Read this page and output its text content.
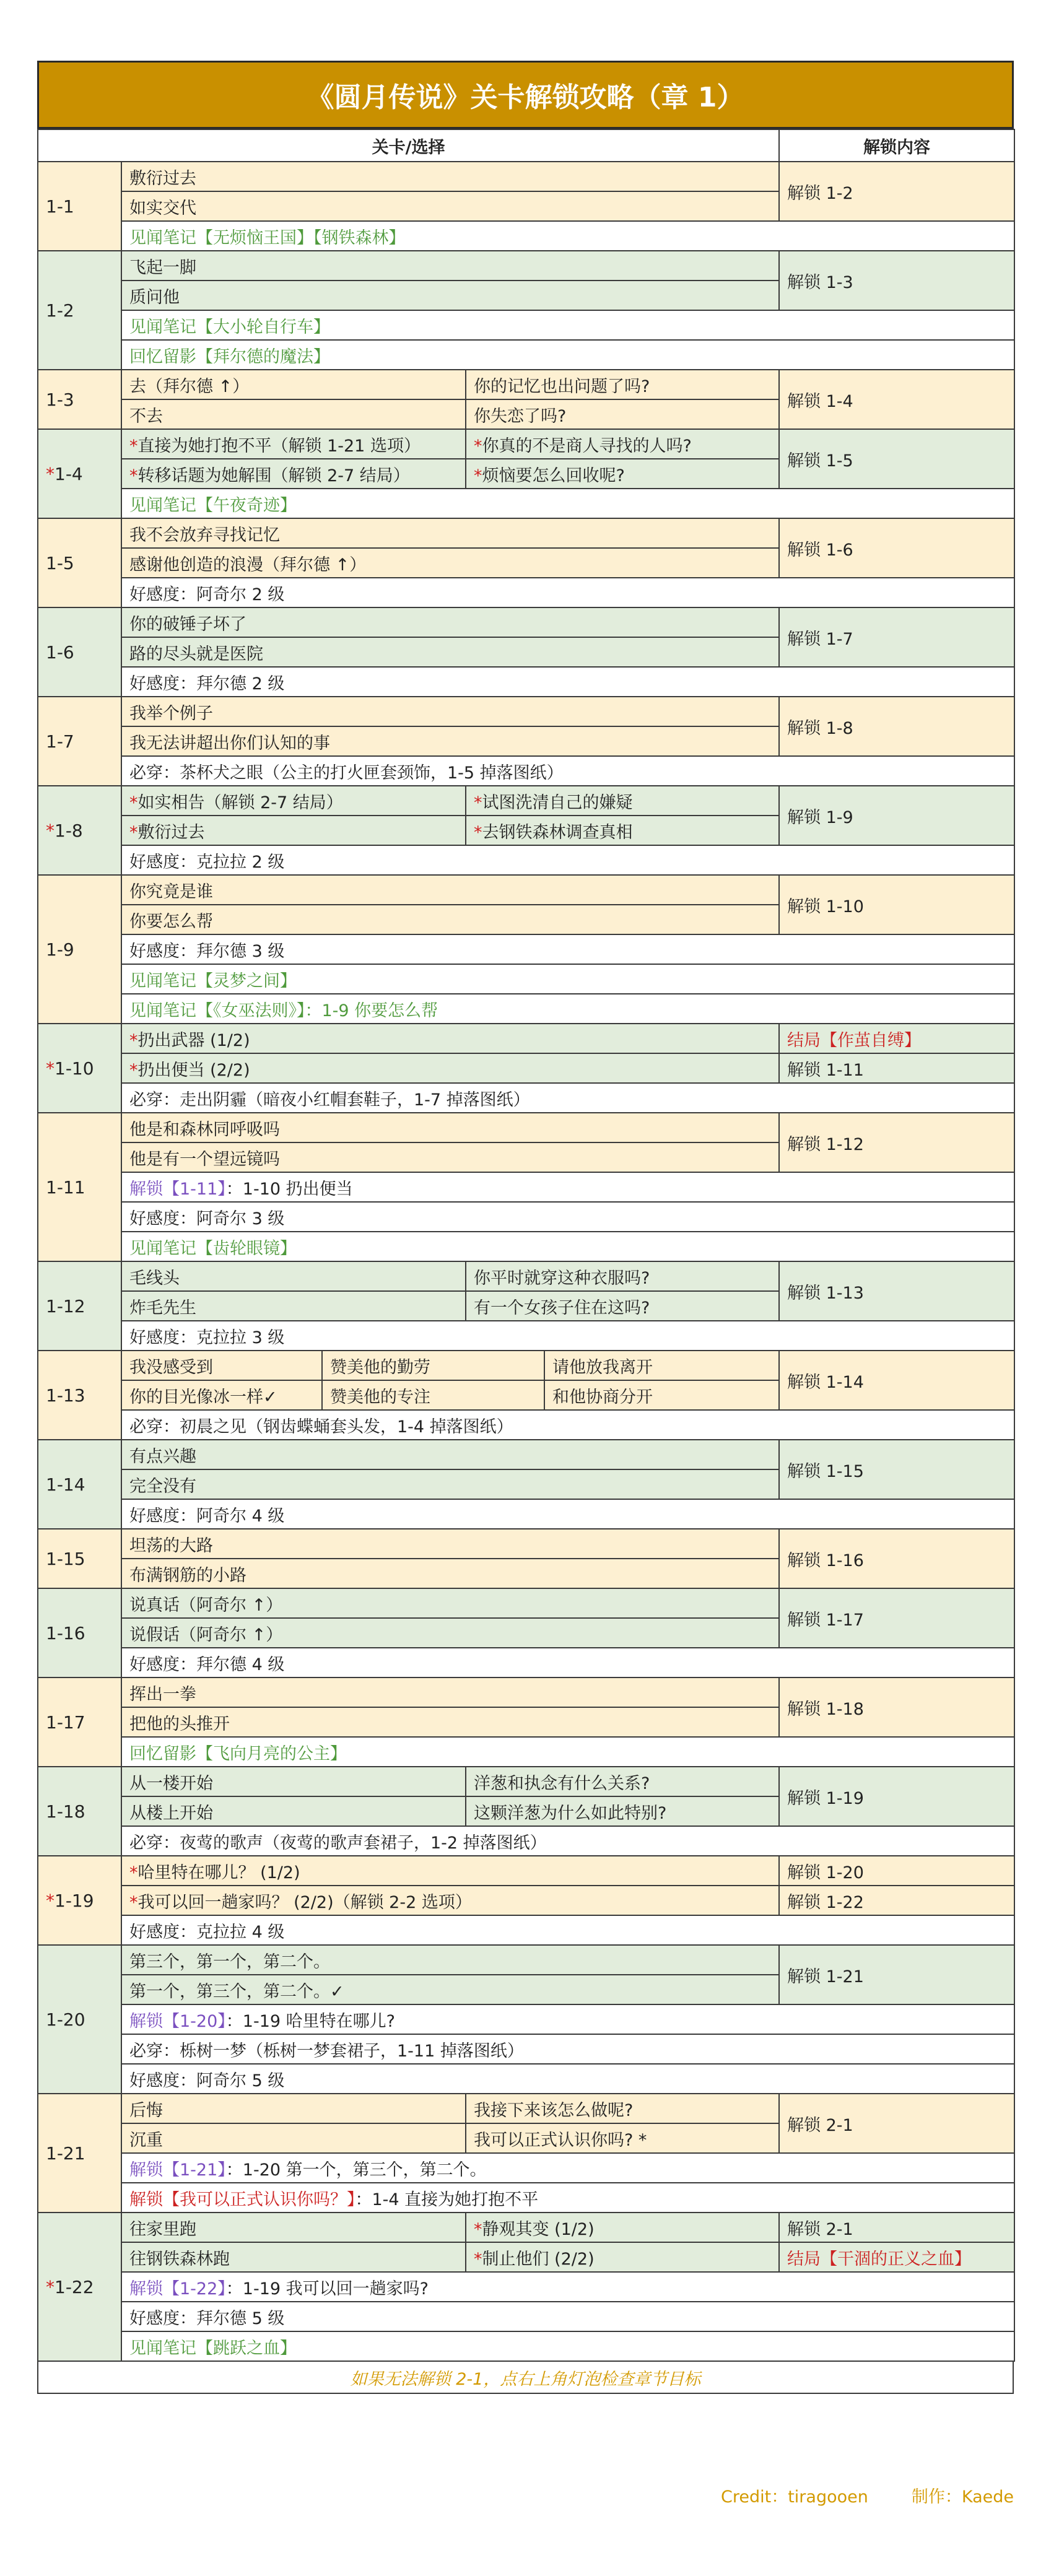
《圆月传说》关卡解锁攻略（章 1）
关卡/选择					解锁内容
1-1	敷衍过去				解锁 1-2
	如实交代				
	见闻笔记【无烦恼王国】【钢铁森林】				
1-2	飞起一脚				解锁 1-3
	质问他				
	见闻笔记【大小轮自行车】				
	回忆留影【拜尔德的魔法】				
1-3	去（拜尔德 ↑）		你的记忆也出问题了吗?		解锁 1-4
	不去		你失恋了吗?		
*1-4	*直接为她打抱不平（解锁 1-21 选项）		*你真的不是商人寻找的人吗?		解锁 1-5
	*转移话题为她解围（解锁 2-7 结局）		*烦恼要怎么回收呢?		
	见闻笔记【午夜奇迹】				
1-5	我不会放弃寻找记忆				解锁 1-6
	感谢他创造的浪漫（拜尔德 ↑）				
	好感度：阿奇尔 2 级				
1-6	你的破锤子坏了				解锁 1-7
	路的尽头就是医院				
	好感度：拜尔德 2 级				
1-7	我举个例子				解锁 1-8
	我无法讲超出你们认知的事				
	必穿：茶杯犬之眼（公主的打火匣套颈饰，1-5 掉落图纸）				
*1-8	*如实相告（解锁 2-7 结局）		*试图洗清自己的嫌疑		解锁 1-9
	*敷衍过去		*去钢铁森林调查真相		
	好感度：克拉拉 2 级				
1-9	你究竟是谁				解锁 1-10
	你要怎么帮				
	好感度：拜尔德 3 级				
	见闻笔记【灵梦之间】				
	见闻笔记【《女巫法则》】：1-9 你要怎么帮				
*1-10	*扔出武器 (1/2)				结局【作茧自缚】
	*扔出便当 (2/2)				解锁 1-11
	必穿：走出阴霾（暗夜小红帽套鞋子，1-7 掉落图纸）				
1-11	他是和森林同呼吸吗				解锁 1-12
	他是有一个望远镜吗				
	解锁【1-11】：1-10 扔出便当				
	好感度：阿奇尔 3 级				
	见闻笔记【齿轮眼镜】				
1-12	毛线头		你平时就穿这种衣服吗?		解锁 1-13
	炸毛先生		有一个女孩子住在这吗?		
	好感度：克拉拉 3 级				
1-13	我没感受到	赞美他的勤劳		请他放我离开	解锁 1-14
	你的目光像冰一样✓	赞美他的专注		和他协商分开	
	必穿：初晨之见（钢齿蝶蛹套头发，1-4 掉落图纸）				
1-14	有点兴趣				解锁 1-15
	完全没有				
	好感度：阿奇尔 4 级				
1-15	坦荡的大路				解锁 1-16
	布满钢筋的小路				
1-16	说真话（阿奇尔 ↑）				解锁 1-17
	说假话（阿奇尔 ↑）				
	好感度：拜尔德 4 级				
1-17	挥出一拳				解锁 1-18
	把他的头推开				
	回忆留影【飞向月亮的公主】				
1-18	从一楼开始		洋葱和执念有什么关系?		解锁 1-19
	从楼上开始		这颗洋葱为什么如此特别?		
	必穿：夜莺的歌声（夜莺的歌声套裙子，1-2 掉落图纸）				
*1-19	*哈里特在哪儿？ (1/2)				解锁 1-20
	*我可以回一趟家吗？ (2/2)（解锁 2-2 选项）				解锁 1-22
	好感度：克拉拉 4 级				
1-20	第三个，第一个，第二个。				解锁 1-21
	第一个，第三个，第二个。✓				
	解锁【1-20】：1-19 哈里特在哪儿?				
	必穿：栎树一梦（栎树一梦套裙子，1-11 掉落图纸）				
	好感度：阿奇尔 5 级				
1-21	后悔		我接下来该怎么做呢?		解锁 2-1
	沉重		我可以正式认识你吗? *		
	解锁【1-21】：1-20 第一个，第三个，第二个。				
	解锁【我可以正式认识你吗？】：1-4 直接为她打抱不平				
*1-22	往家里跑		*静观其变 (1/2)		解锁 2-1
	往钢铁森林跑		*制止他们 (2/2)		结局【干涸的正义之血】
	解锁【1-22】：1-19 我可以回一趟家吗?				
	好感度：拜尔德 5 级				
	见闻笔记【跳跃之血】				
如果无法解锁 2-1，点右上角灯泡检查章节目标
Credit：tiragooen	制作：Kaede
